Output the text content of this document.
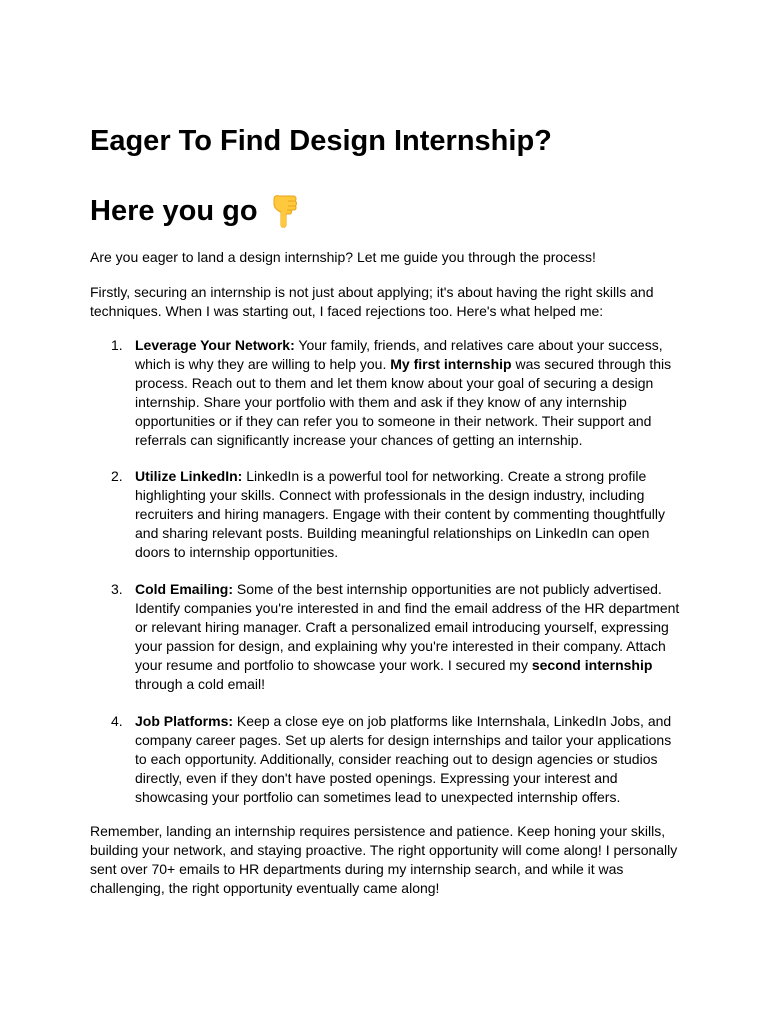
Eager To Find Design Internship?
Here you go

Are you eager to land a design internship? Let me guide you through the process!

Firstly, securing an internship is not just about applying; it's about having the right skills and techniques. When I was starting out, I faced rejections too. Here's what helped me:

1. Leverage Your Network: Your family, friends, and relatives care about your success, which is why they are willing to help you. My first internship was secured through this process. Reach out to them and let them know about your goal of securing a design internship. Share your portfolio with them and ask if they know of any internship opportunities or if they can refer you to someone in their network. Their support and referrals can significantly increase your chances of getting an internship.
2. Utilize LinkedIn: LinkedIn is a powerful tool for networking. Create a strong profile highlighting your skills. Connect with professionals in the design industry, including recruiters and hiring managers. Engage with their content by commenting thoughtfully and sharing relevant posts. Building meaningful relationships on LinkedIn can open doors to internship opportunities.
3. Cold Emailing: Some of the best internship opportunities are not publicly advertised. Identify companies you're interested in and find the email address of the HR department or relevant hiring manager. Craft a personalized email introducing yourself, expressing your passion for design, and explaining why you're interested in their company. Attach your resume and portfolio to showcase your work. I secured my second internship through a cold email!
4. Job Platforms: Keep a close eye on job platforms like Internshala, LinkedIn Jobs, and company career pages. Set up alerts for design internships and tailor your applications to each opportunity. Additionally, consider reaching out to design agencies or studios directly, even if they don't have posted openings. Expressing your interest and showcasing your portfolio can sometimes lead to unexpected internship offers.

Remember, landing an internship requires persistence and patience. Keep honing your skills, building your network, and staying proactive. The right opportunity will come along! I personally sent over 70+ emails to HR departments during my internship search, and while it was challenging, the right opportunity eventually came along!
